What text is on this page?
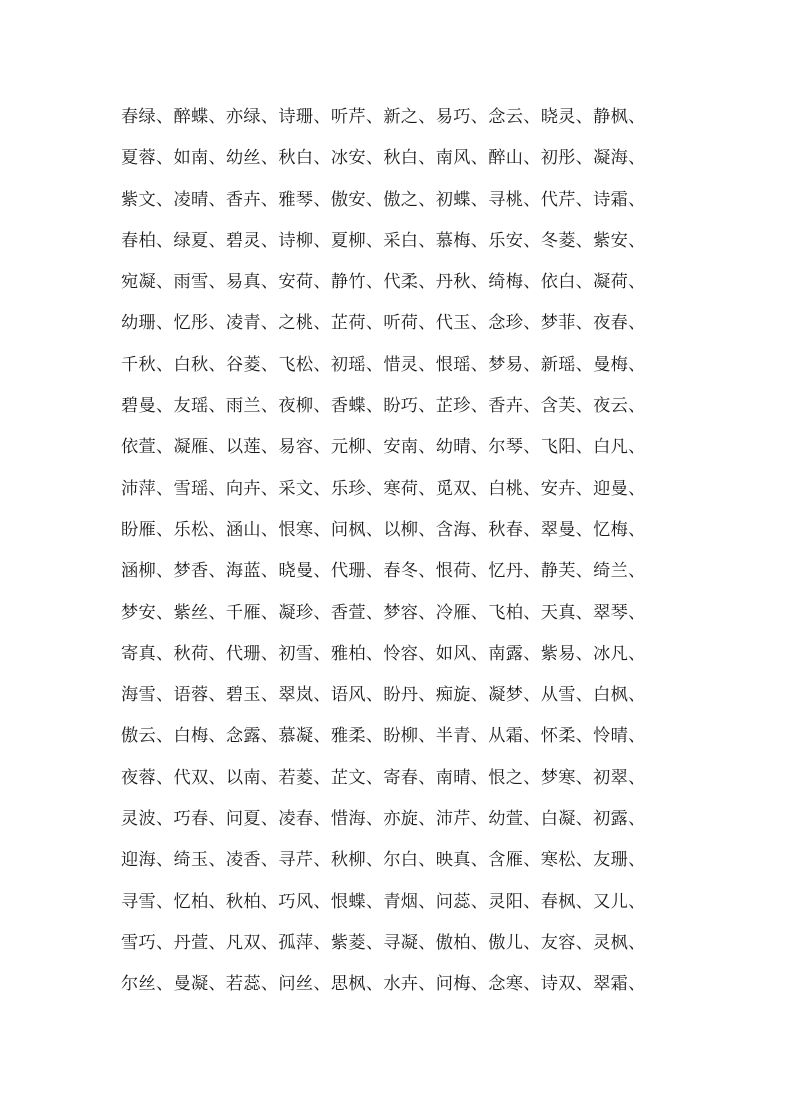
春绿、醉蝶、亦绿、诗珊、听芹、新之、易巧、念云、晓灵、静枫、
夏蓉、如南、幼丝、秋白、冰安、秋白、南风、醉山、初彤、凝海、
紫文、凌晴、香卉、雅琴、傲安、傲之、初蝶、寻桃、代芹、诗霜、
春柏、绿夏、碧灵、诗柳、夏柳、采白、慕梅、乐安、冬菱、紫安、
宛凝、雨雪、易真、安荷、静竹、代柔、丹秋、绮梅、依白、凝荷、
幼珊、忆彤、凌青、之桃、芷荷、听荷、代玉、念珍、梦菲、夜春、
千秋、白秋、谷菱、飞松、初瑶、惜灵、恨瑶、梦易、新瑶、曼梅、
碧曼、友瑶、雨兰、夜柳、香蝶、盼巧、芷珍、香卉、含芙、夜云、
依萱、凝雁、以莲、易容、元柳、安南、幼晴、尔琴、飞阳、白凡、
沛萍、雪瑶、向卉、采文、乐珍、寒荷、觅双、白桃、安卉、迎曼、
盼雁、乐松、涵山、恨寒、问枫、以柳、含海、秋春、翠曼、忆梅、
涵柳、梦香、海蓝、晓曼、代珊、春冬、恨荷、忆丹、静芙、绮兰、
梦安、紫丝、千雁、凝珍、香萱、梦容、冷雁、飞柏、天真、翠琴、
寄真、秋荷、代珊、初雪、雅柏、怜容、如风、南露、紫易、冰凡、
海雪、语蓉、碧玉、翠岚、语风、盼丹、痴旋、凝梦、从雪、白枫、
傲云、白梅、念露、慕凝、雅柔、盼柳、半青、从霜、怀柔、怜晴、
夜蓉、代双、以南、若菱、芷文、寄春、南晴、恨之、梦寒、初翠、
灵波、巧春、问夏、凌春、惜海、亦旋、沛芹、幼萱、白凝、初露、
迎海、绮玉、凌香、寻芹、秋柳、尔白、映真、含雁、寒松、友珊、
寻雪、忆柏、秋柏、巧风、恨蝶、青烟、问蕊、灵阳、春枫、又儿、
雪巧、丹萱、凡双、孤萍、紫菱、寻凝、傲柏、傲儿、友容、灵枫、
尔丝、曼凝、若蕊、问丝、思枫、水卉、问梅、念寒、诗双、翠霜、
